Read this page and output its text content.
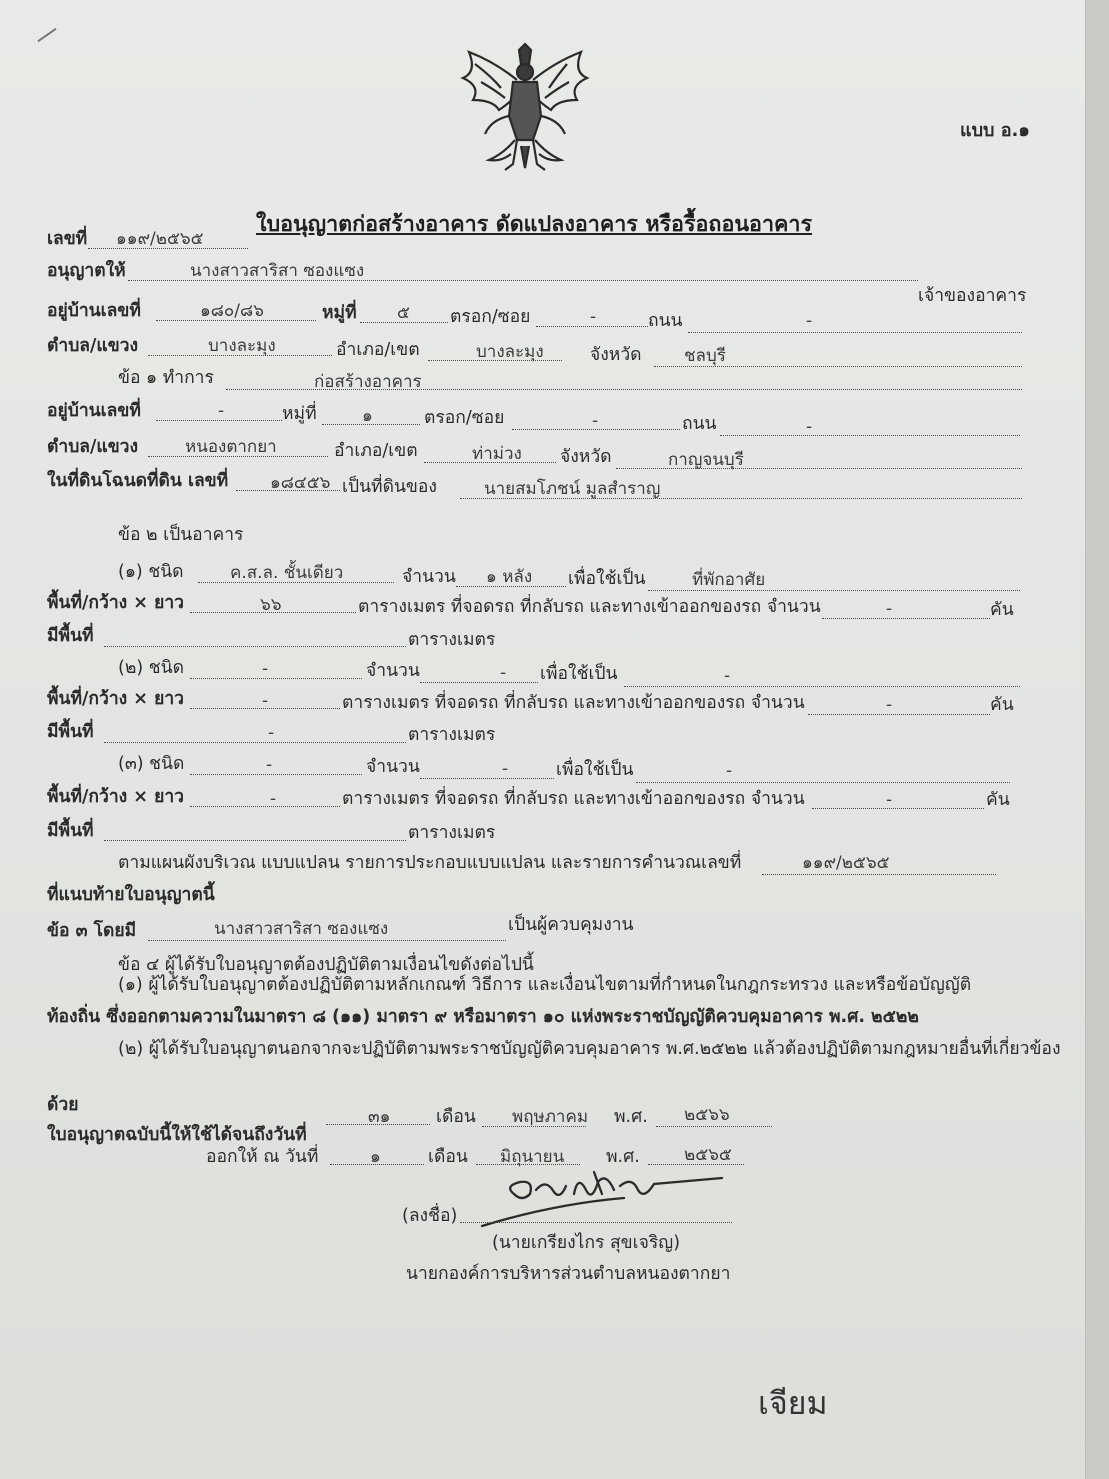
แบบ อ.๑
ใบอนุญาตก่อสร้างอาคาร ดัดแปลงอาคาร หรือรื้อถอนอาคาร
เลขที่ ๑๑๙/๒๕๖๕
อนุญาตให้	นางสาวสาริสา ซองแซง
เจ้าของอาคาร
อยู่บ้านเลขที่	๑๘๐/๘๖	หมู่ที่ ๕ ตรอก/ซอย	-	ถนน	-
ตำบล/แขวง	บางละมุง	อำเภอ/เขต	บางละมุง	จังหวัด ชลบุรี
ข้อ ๑ ทำการ	ก่อสร้างอาคาร
อยู่บ้านเลขที่	-	หมู่ที่	๑	ตรอก/ซอย	-	ถนน	-
ตำบล/แขวง	หนองตากยา	อำเภอ/เขต	ท่าม่วง จังหวัด	กาญจนบุรี
ในที่ดินโฉนดที่ดิน เลขที่ ๑๘๔๕๖ เป็นที่ดินของ	นายสมโภชน์ มูลสำราญ
ข้อ ๒ เป็นอาคาร
(๑) ชนิด	ค.ส.ล. ชั้นเดียว	จำนวน ๑ หลัง เพื่อใช้เป็น	ที่พักอาศัย
พื้นที่/กว้าง × ยาว	๖๖	ตารางเมตร ที่จอดรถ ที่กลับรถ และทางเข้าออกของรถ จำนวน	-	คัน
มีพื้นที่	ตารางเมตร
(๒) ชนิด	-	จำนวน	- เพื่อใช้เป็น	-
พื้นที่/กว้าง × ยาว	-	ตารางเมตร ที่จอดรถ ที่กลับรถ และทางเข้าออกของรถ จำนวน	-	คัน
มีพื้นที่	-	ตารางเมตร
(๓) ชนิด	-	จำนวน	-	เพื่อใช้เป็น	-
พื้นที่/กว้าง × ยาว	-	ตารางเมตร ที่จอดรถ ที่กลับรถ และทางเข้าออกของรถ จำนวน	-	คัน
มีพื้นที่	ตารางเมตร
ตามแผนผังบริเวณ แบบแปลน รายการประกอบแบบแปลน และรายการคำนวณเลขที่	๑๑๙/๒๕๖๕
ที่แนบท้ายใบอนุญาตนี้
ข้อ ๓ โดยมี	นางสาวสาริสา ซองแซง	เป็นผู้ควบคุมงาน
ข้อ ๔ ผู้ได้รับใบอนุญาตต้องปฏิบัติตามเงื่อนไขดังต่อไปนี้
(๑) ผู้ได้รับใบอนุญาตต้องปฏิบัติตามหลักเกณฑ์ วิธีการ และเงื่อนไขตามที่กำหนดในกฎกระทรวง และหรือข้อบัญญัติ
ท้องถิ่น ซึ่งออกตามความในมาตรา ๘ (๑๑) มาตรา ๙ หรือมาตรา ๑๐ แห่งพระราชบัญญัติควบคุมอาคาร พ.ศ. ๒๕๒๒
(๒) ผู้ได้รับใบอนุญาตนอกจากจะปฏิบัติตามพระราชบัญญัติควบคุมอาคาร พ.ศ.๒๕๒๒ แล้วต้องปฏิบัติตามกฎหมายอื่นที่เกี่ยวข้อง
ด้วย
ใบอนุญาตฉบับนี้ให้ใช้ได้จนถึงวันที่
๓๑	เดือน พฤษภาคม พ.ศ. ๒๕๖๖
ออกให้ ณ วันที่	๑	เดือน มิถุนายน พ.ศ.	๒๕๖๕
(ลงชื่อ)
(นายเกรียงไกร สุขเจริญ)
นายกองค์การบริหารส่วนตำบลหนองตากยา
เจียม
